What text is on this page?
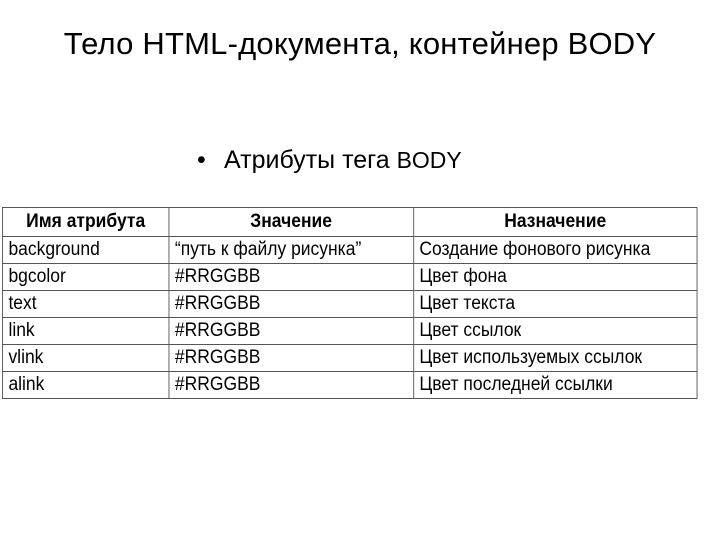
Тело HTML-документа, контейнер BODY
• Атрибуты тега BODY
Имя атрибута	Значение	Назначение
background	“путь к файлу рисунка”	Создание фонового рисунка
bgcolor	#RRGGBB	Цвет фона
text	#RRGGBB	Цвет текста
link	#RRGGBB	Цвет ссылок
vlink	#RRGGBB	Цвет используемых ссылок
alink	#RRGGBB	Цвет последней ссылки
